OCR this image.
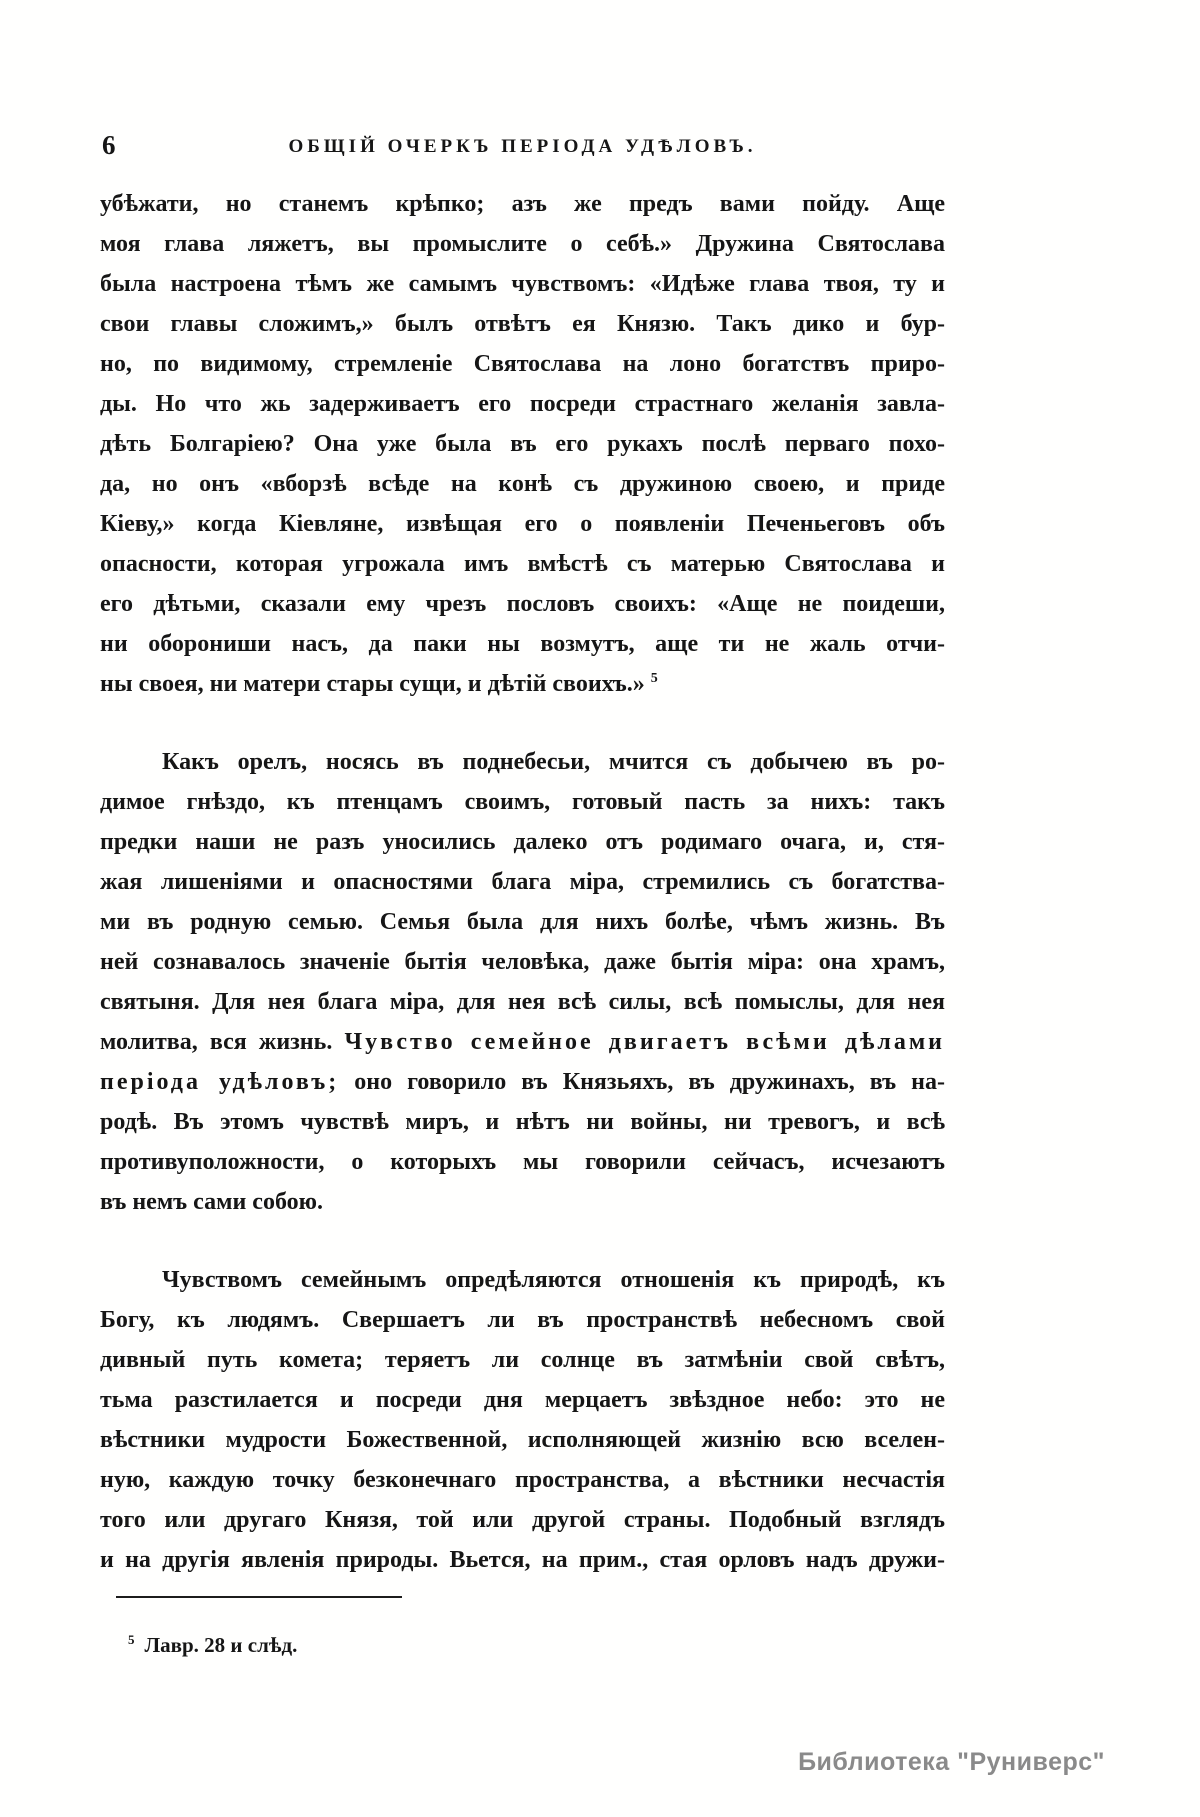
6	ОБЩІЙ ОЧЕРКЪ ПЕРІОДА УДѢЛОВЪ.
убѣжати, но станемъ крѣпко; азъ же предъ вами пойду. Аще
моя глава ляжетъ, вы промыслите о себѣ.» Дружина Святослава
была настроена тѣмъ же самымъ чувствомъ: «Идѣже глава твоя, ту и
свои главы сложимъ,» былъ отвѣтъ ея Князю. Такъ дико и бур-
но, по видимому, стремленіе Святослава на лоно богатствъ приро-
ды. Но что жь задерживаетъ его посреди страстнаго желанія завла-
дѣть Болгаріею? Она уже была въ его рукахъ послѣ перваго похо-
да, но онъ «вборзѣ всѣде на конѣ съ дружиною своею, и приде
Кіеву,» когда Кіевляне, извѣщая его о появленіи Печеньеговъ объ
опасности, которая угрожала имъ вмѣстѣ съ матерью Святослава и
его дѣтьми, сказали ему чрезъ пословъ своихъ: «Аще не поидеши,
ни оборониши насъ, да паки ны возмутъ, аще ти не жаль отчи-
ны своея, ни матери стары сущи, и дѣтій своихъ.» $^5$
Какъ орелъ, носясь въ поднебесьи, мчится съ добычею въ ро-
димое гнѣздо, къ птенцамъ своимъ, готовый пасть за нихъ: такъ
предки наши не разъ уносились далеко отъ родимаго очага, и, стя-
жая лишеніями и опасностями блага міра, стремились съ богатства-
ми въ родную семью. Семья была для нихъ болѣе, чѣмъ жизнь. Въ
ней сознавалось значеніе бытія человѣка, даже бытія міра: она храмъ,
святыня. Для нея блага міра, для нея всѣ силы, всѣ помыслы, для нея
молитва, вся жизнь. Чувство семейное двигаетъ всѣми дѣлами
періода удѣловъ; оно говорило въ Князьяхъ, въ дружинахъ, въ на-
родѣ. Въ этомъ чувствѣ миръ, и нѣтъ ни войны, ни тревогъ, и всѣ
противуположности, о которыхъ мы говорили сейчасъ, исчезаютъ
въ немъ сами собою.
Чувствомъ семейнымъ опредѣляются отношенія къ природѣ, къ
Богу, къ людямъ. Свершаетъ ли въ пространствѣ небесномъ свой
дивный путь комета; теряетъ ли солнце въ затмѣніи свой свѣтъ,
тьма разстилается и посреди дня мерцаетъ звѣздное небо: это не
вѣстники мудрости Божественной, исполняющей жизнію всю вселен-
ную, каждую точку безконечнаго пространства, а вѣстники несчастія
того или другаго Князя, той или другой страны. Подобный взглядъ
и на другія явленія природы. Вьется, на прим., стая орловъ надъ дружи-
$^5$ Лавр. 28 и слѣд.
Библиотека "Руниверс"
